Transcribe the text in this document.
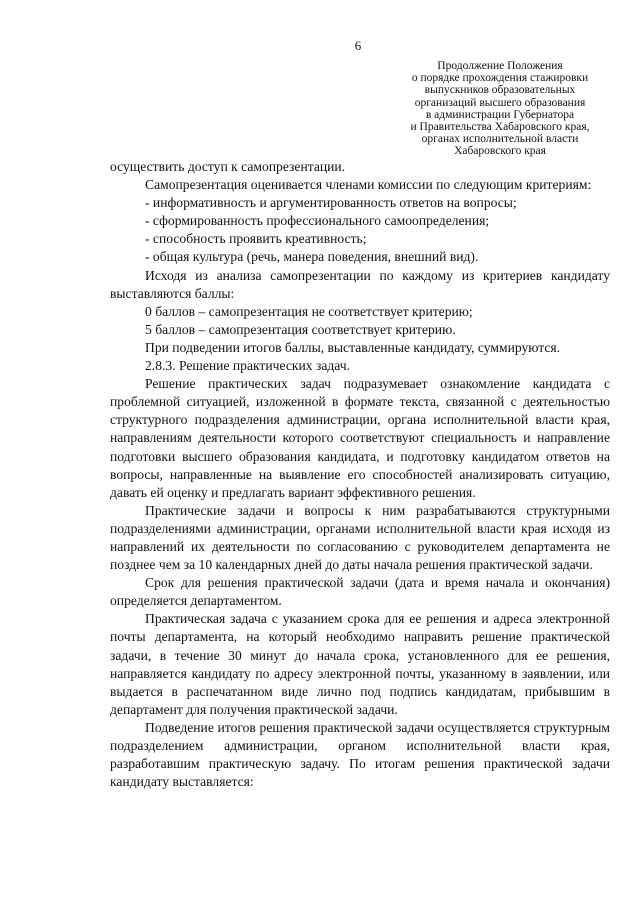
6
Продолжение Положения
о порядке прохождения стажировки
выпускников образовательных
организаций высшего образования
в администрации Губернатора
и Правительства Хабаровского края,
органах исполнительной власти
Хабаровского края

осуществить доступ к самопрезентации.

Самопрезентация оценивается членами комиссии по следующим критериям:

- информативность и аргументированность ответов на вопросы;

- сформированность профессионального самоопределения;

- способность проявить креативность;

- общая культура (речь, манера поведения, внешний вид).

Исходя из анализа самопрезентации по каждому из критериев кандидату выставляются баллы:

0 баллов – самопрезентация не соответствует критерию;

5 баллов – самопрезентация соответствует критерию.

При подведении итогов баллы, выставленные кандидату, суммируются.

2.8.3. Решение практических задач.

Решение практических задач подразумевает ознакомление кандидата с проблемной ситуацией, изложенной в формате текста, связанной с деятельностью структурного подразделения администрации, органа исполнительной власти края, направлениям деятельности которого соответствуют специальность и направление подготовки высшего образования кандидата, и подготовку кандидатом ответов на вопросы, направленные на выявление его способностей анализировать ситуацию, давать ей оценку и предлагать вариант эффективного решения.

Практические задачи и вопросы к ним разрабатываются структурными подразделениями администрации, органами исполнительной власти края исходя из направлений их деятельности по согласованию с руководителем департамента не позднее чем за 10 календарных дней до даты начала решения практической задачи.

Срок для решения практической задачи (дата и время начала и окончания) определяется департаментом.

Практическая задача с указанием срока для ее решения и адреса электронной почты департамента, на который необходимо направить решение практической задачи, в течение 30 минут до начала срока, установленного для ее решения, направляется кандидату по адресу электронной почты, указанному в заявлении, или выдается в распечатанном виде лично под подпись кандидатам, прибывшим в департамент для получения практической задачи.

Подведение итогов решения практической задачи осуществляется структурным подразделением администрации, органом исполнительной власти края, разработавшим практическую задачу. По итогам решения практической задачи кандидату выставляется:
